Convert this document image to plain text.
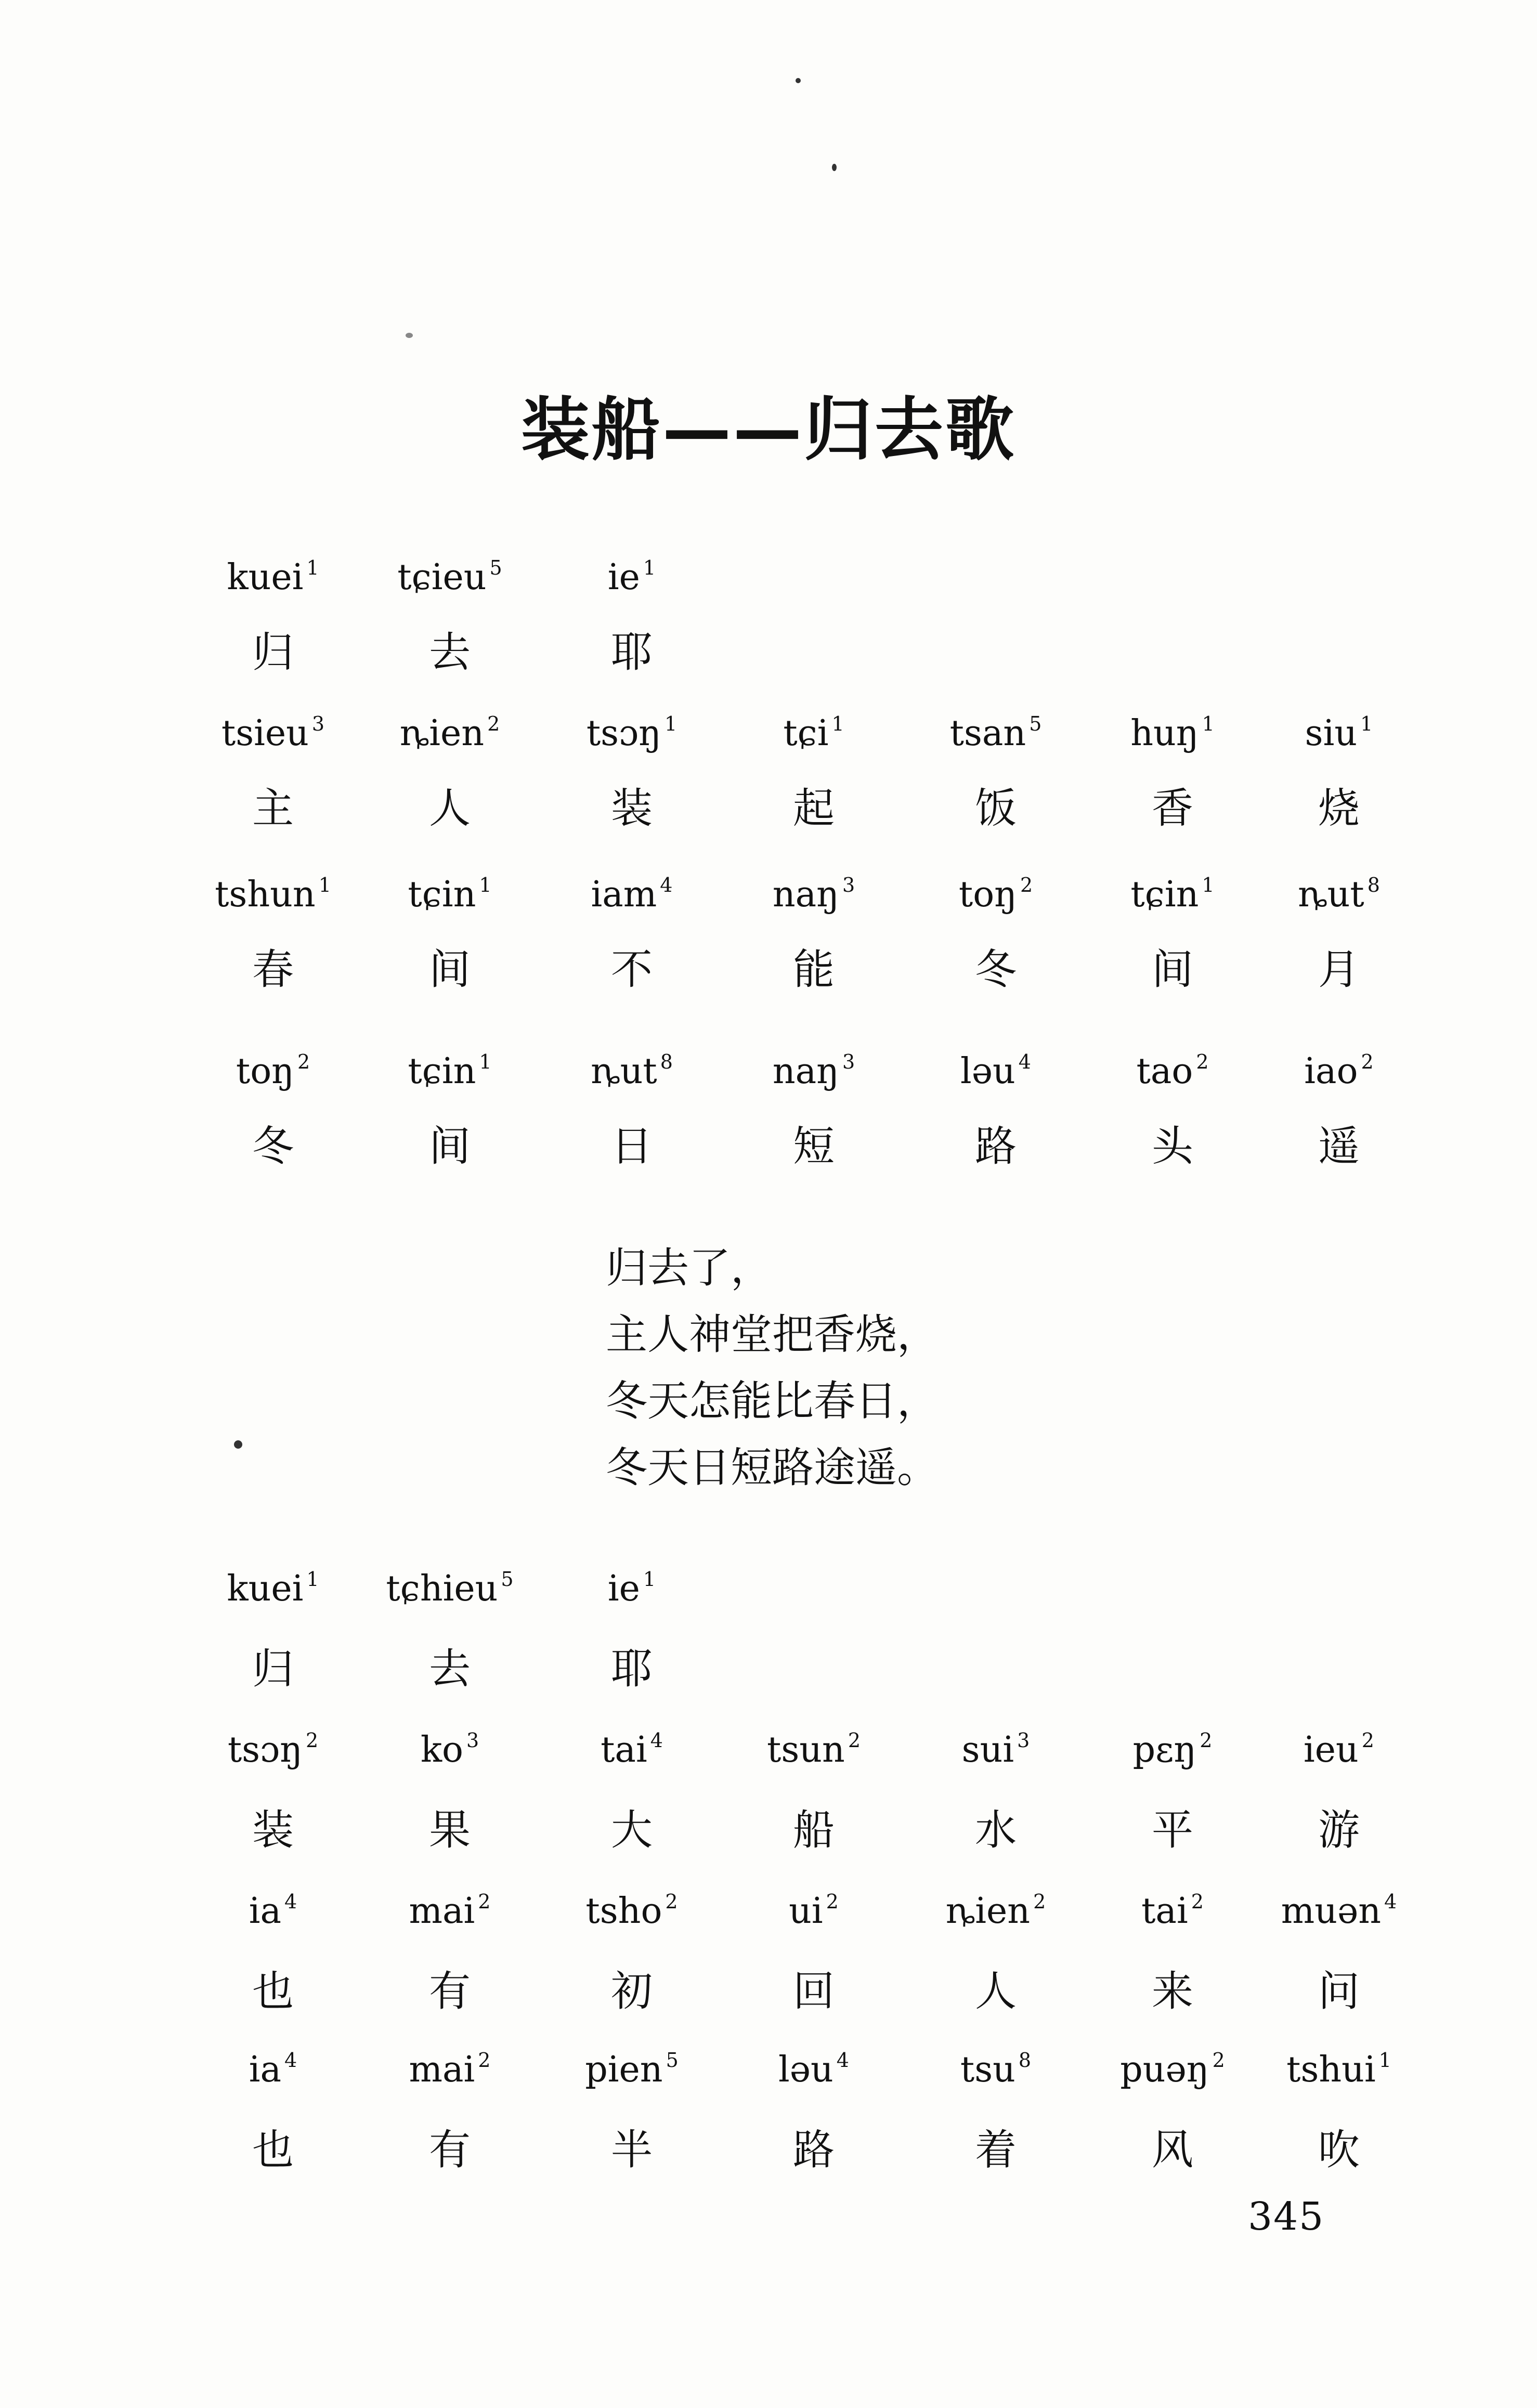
装船——归去歌
kuei $^1$
归
tɕieu $^5$
去
ie $^1$
耶
tsieu $^3$
主
ȵien $^2$
人
tsɔŋ $^1$
装
tɕi $^1$
起
tsan $^5$
饭
huŋ $^1$
香
siu $^1$
烧
tshun $^1$
春
tɕin $^1$
间
iam $^4$
不
naŋ $^3$
能
toŋ $^2$
冬
tɕin $^1$
间
ȵut $^8$
月
toŋ $^2$
冬
tɕin $^1$
间
ȵut $^8$
日
naŋ $^3$
短
ləu $^4$
路
tao $^2$
头
iao $^2$
遥
归去了，
主人神堂把香烧，
冬天怎能比春日，
冬天日短路途遥。
kuei $^1$
归
tɕhieu $^5$
去
ie $^1$
耶
tsɔŋ $^2$
装
ko $^3$
果
tai $^4$
大
tsun $^2$
船
sui $^3$
水
pɛŋ $^2$
平
ieu $^2$
游
ia $^4$
也
mai $^2$
有
tsho $^2$
初
ui $^2$
回
ȵien $^2$
人
tai $^2$
来
muən $^4$
问
ia $^4$
也
mai $^2$
有
pien $^5$
半
ləu $^4$
路
tsu $^8$
着
puəŋ $^2$
风
tshui $^1$
吹
345
